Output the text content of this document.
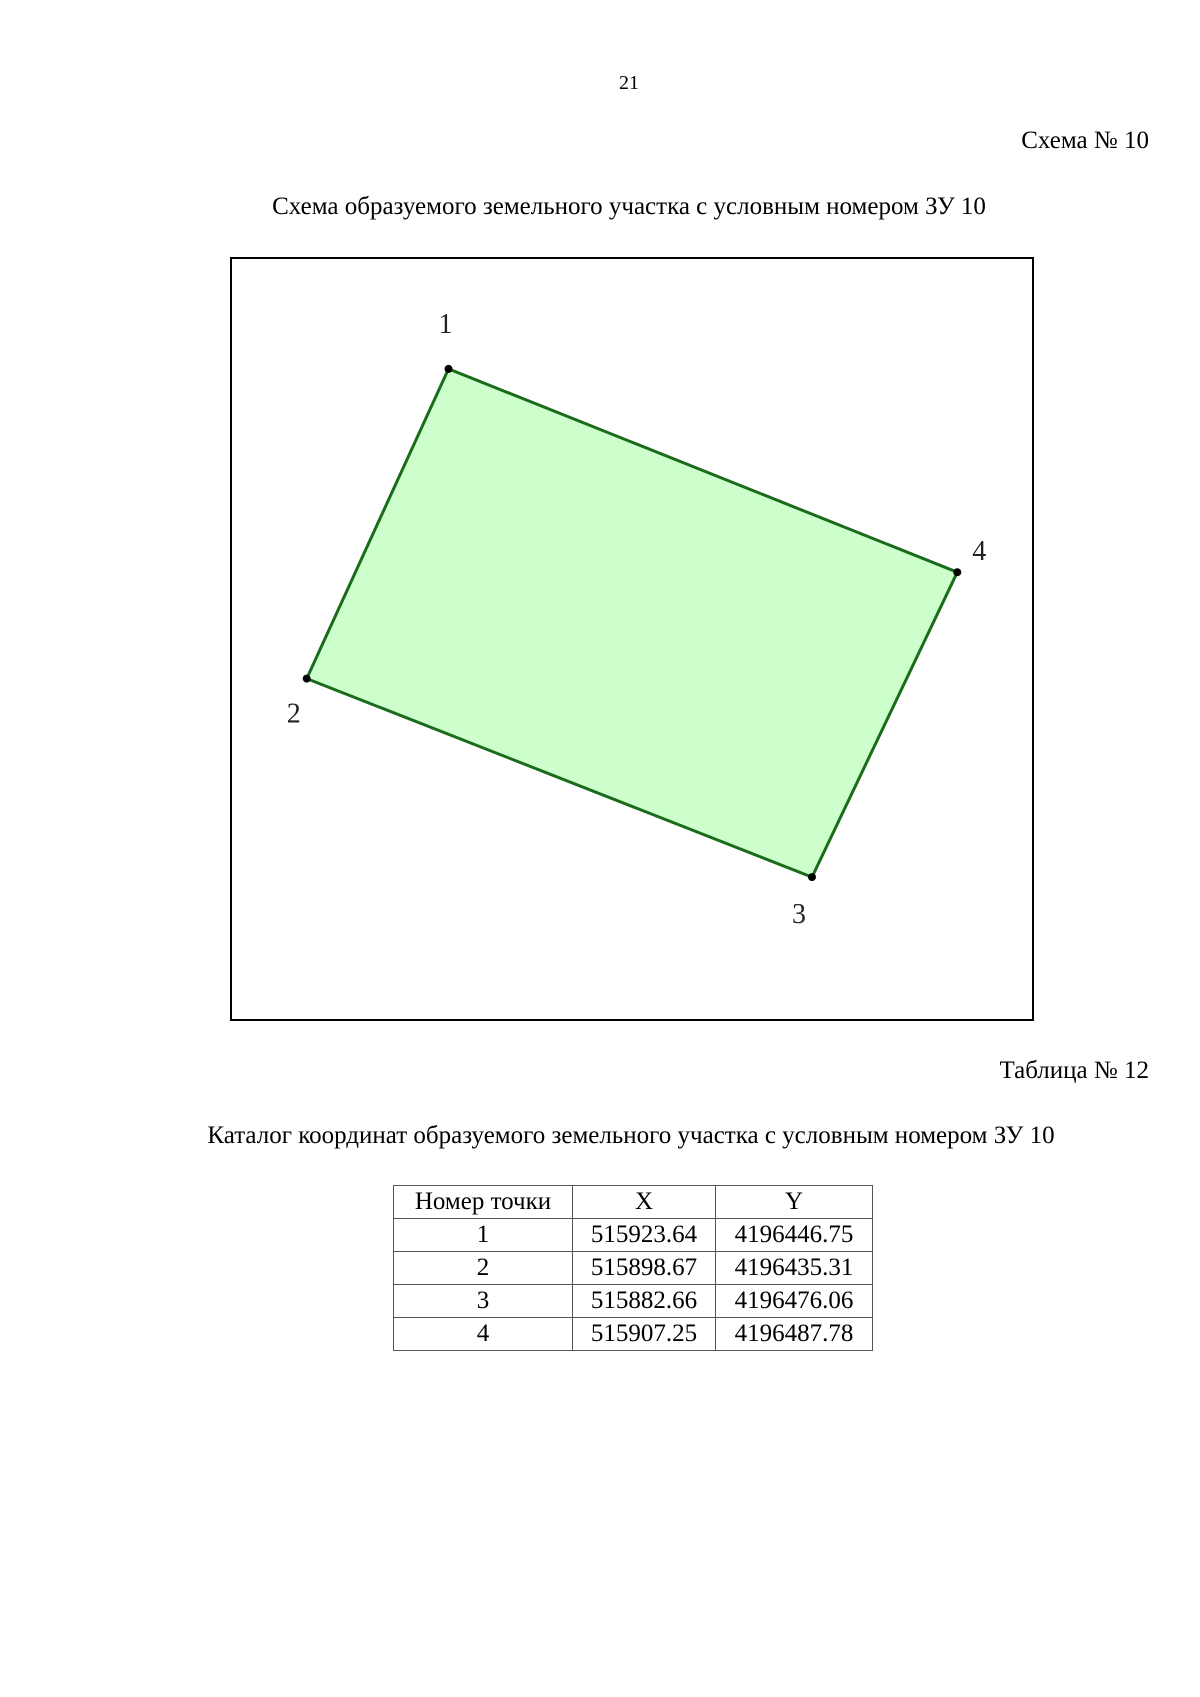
21
Схема № 10
Схема образуемого земельного участка с условным номером ЗУ 10
1
2
3
4
Таблица № 12
Каталог координат образуемого земельного участка с условным номером ЗУ 10
Номер точки	X	Y
1	515923.64	4196446.75
2	515898.67	4196435.31
3	515882.66	4196476.06
4	515907.25	4196487.78
